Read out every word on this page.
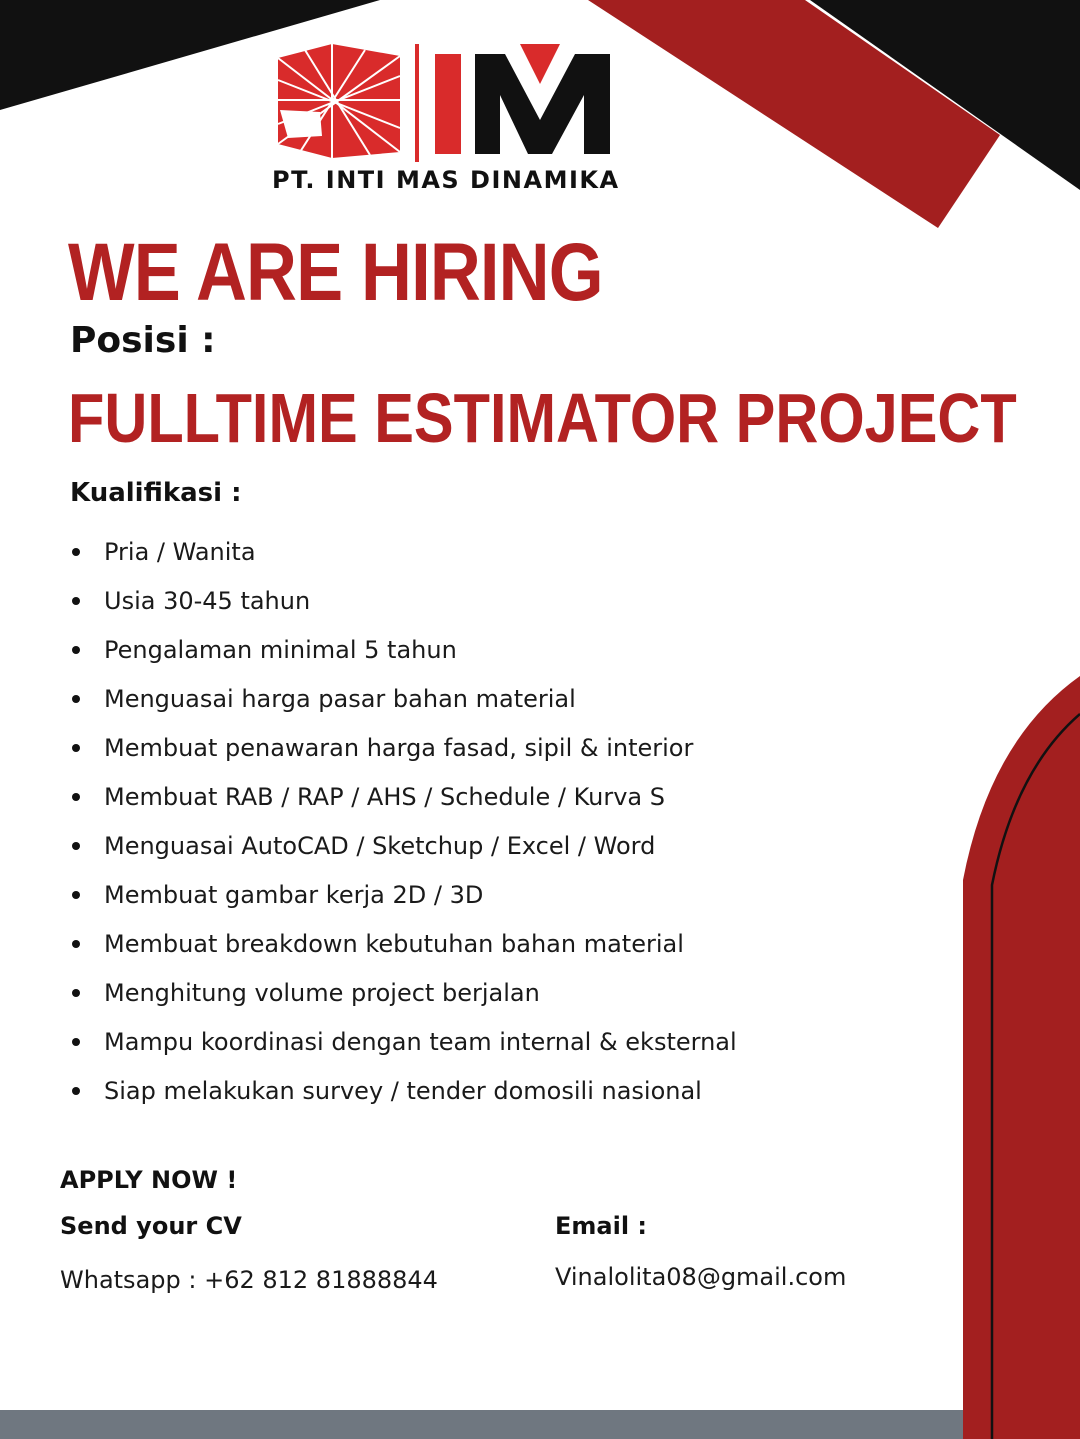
PT. INTI MAS DINAMIKA
WE ARE HIRING
Posisi :
FULLTIME ESTIMATOR PROJECT
Kualifikasi :
Pria / Wanita
Usia 30-45 tahun
Pengalaman minimal 5 tahun
Menguasai harga pasar bahan material
Membuat penawaran harga fasad, sipil & interior
Membuat RAB / RAP / AHS / Schedule / Kurva S
Menguasai AutoCAD / Sketchup / Excel / Word
Membuat gambar kerja 2D / 3D
Membuat breakdown kebutuhan bahan material
Menghitung volume project berjalan
Mampu koordinasi dengan team internal & eksternal
Siap melakukan survey / tender domosili nasional
APPLY NOW !
Send your CV
Whatsapp : +62 812 81888844
Email :
Vinalolita08@gmail.com
